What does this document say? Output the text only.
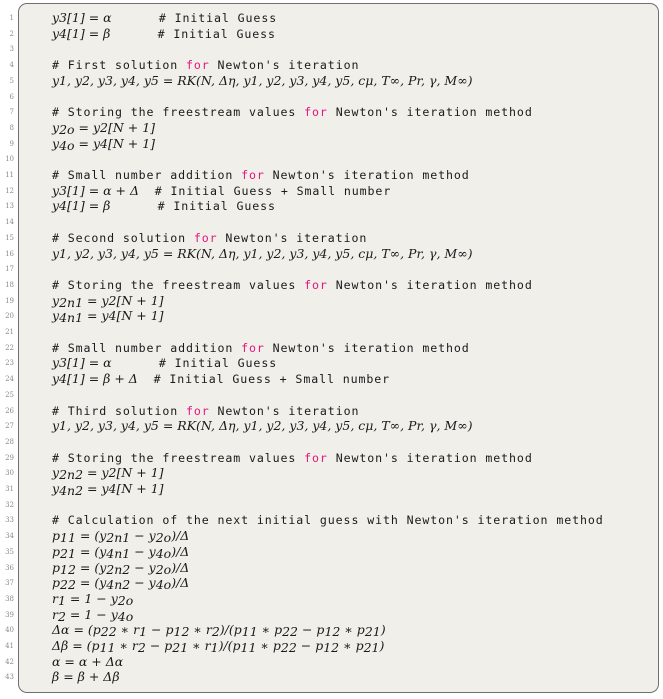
1	y3[1] = α	# Initial Guess
2	y4[1] = β	# Initial Guess
3
4	# First solution for Newton's iteration
5	y1, y2, y3, y4, y5 = RK(N, Δη, y1, y2, y3, y4, y5, cμ, T∞, Pr, γ, M∞)
6
7	# Storing the freestream values for Newton's iteration method
8	$y_{2o} = y2[N + 1]$
9	$y_{4o} = y4[N + 1]$
10
11	# Small number addition for Newton's iteration method
12	y3[1] = α + Δ # Initial Guess + Small number
13	y4[1] = β	# Initial Guess
14
15	# Second solution for Newton's iteration
16	y1, y2, y3, y4, y5 = RK(N, Δη, y1, y2, y3, y4, y5, cμ, T∞, Pr, γ, M∞)
17
18	# Storing the freestream values for Newton's iteration method
19	$y_{2n1} = y2[N + 1]$
20	$y_{4n1} = y4[N + 1]$
21
22	# Small number addition for Newton's iteration method
23	y3[1] = α	# Initial Guess
24	y4[1] = β + Δ # Initial Guess + Small number
25
26	# Third solution for Newton's iteration
27	y1, y2, y3, y4, y5 = RK(N, Δη, y1, y2, y3, y4, y5, cμ, T∞, Pr, γ, M∞)
28
29	# Storing the freestream values for Newton's iteration method
30	$y_{2n2} = y2[N + 1]$
31	$y_{4n2} = y4[N + 1]$
32
33	# Calculation of the next initial guess with Newton's iteration method
34	$p_{11} = (y_{2n1} - y_{2o})/\Delta$
35	$p_{21} = (y_{4n1} - y_{4o})/\Delta$
36	$p_{12} = (y_{2n2} - y_{2o})/\Delta$
37	$p_{22} = (y_{4n2} - y_{4o})/\Delta$
38	$r_1 = 1 - y_{2o}$
39	$r_2 = 1 - y_{4o}$
40	$\Delta\alpha = (p_{22}$ ∗ $r_1 - p_{12}$ ∗ $r_2)/(p_{11}$ ∗ $p_{22} - p_{12}$ ∗ $p_{21}$)
41	$\Delta\beta = (p_{11}$ ∗ $r_2 - p_{21}$ ∗ $r_1)/(p_{11}$ ∗ $p_{22} - p_{12}$ ∗ $p_{21}$)
42	α = α + Δα
43	β = β + Δβ
